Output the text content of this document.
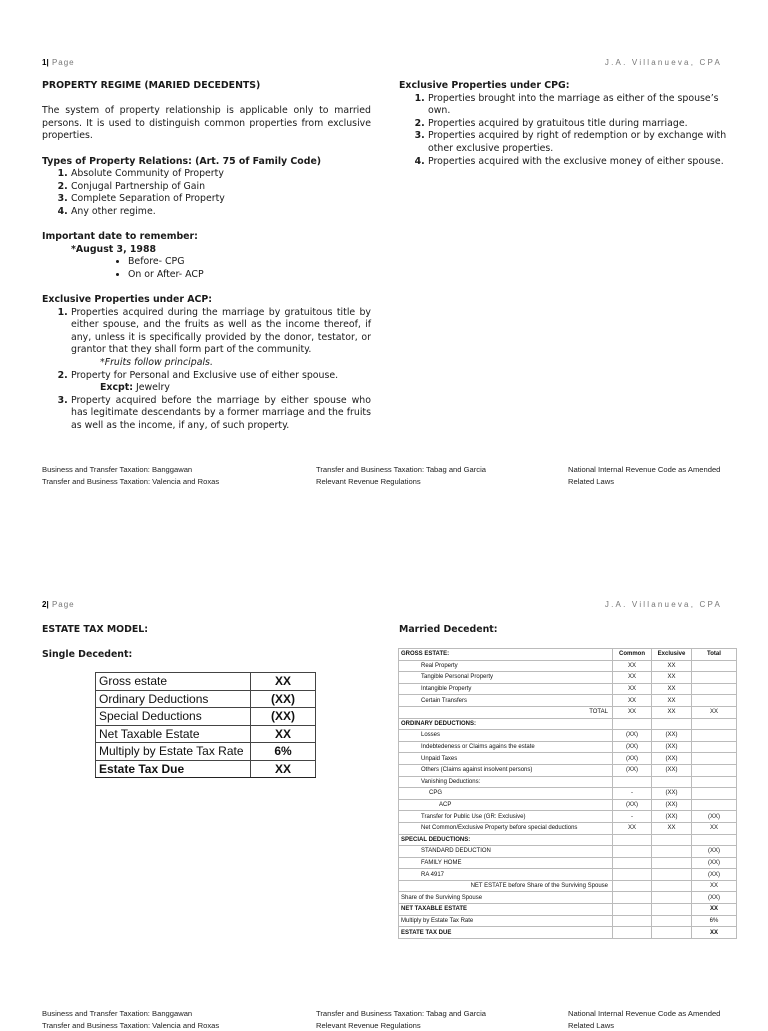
1| Page	J.A. Villanueva, CPA

PROPERTY REGIME (MARIED DECEDENTS)

The system of property relationship is applicable only to married persons. It is used to distinguish common properties from exclusive properties.

Types of Property Relations: (Art. 75 of Family Code)

1. Absolute Community of Property
2. Conjugal Partnership of Gain
3. Complete Separation of Property
4. Any other regime.

Important date to remember:

*August 3, 1988

• Before- CPG
• On or After- ACP

Exclusive Properties under ACP:

1. Properties acquired during the marriage by gratuitous title by either spouse, and the fruits as well as the income thereof, if any, unless it is specifically provided by the donor, testator, or grantor that they shall form part of the community.

*Fruits follow principals.

2. Property for Personal and Exclusive use of either spouse.

Excpt: Jewelry

3. Property acquired before the marriage by either spouse who has legitimate descendants by a former marriage and the fruits as well as the income, if any, of such property.

Exclusive Properties under CPG:

1. Properties brought into the marriage as either of the spouse’s own.
2. Properties acquired by gratuitous title during marriage.
3. Properties acquired by right of redemption or by exchange with other exclusive properties.
4. Properties acquired with the exclusive money of either spouse.
Business and Transfer Taxation: Banggawan
Transfer and Business Taxation: Valencia and Roxas
Transfer and Business Taxation: Tabag and Garcia
Relevant Revenue Regulations
National Internal Revenue Code as Amended
Related Laws
2| Page	J.A. Villanueva, CPA
Business and Transfer Taxation: Banggawan
Transfer and Business Taxation: Valencia and Roxas
Transfer and Business Taxation: Tabag and Garcia
Relevant Revenue Regulations
National Internal Revenue Code as Amended
Related Laws
ESTATE TAX MODEL:
Single Decedent:
Married Decedent:
Gross estate	XX
Ordinary Deductions	(XX)
Special Deductions	(XX)
Net Taxable Estate	XX
Multiply by Estate Tax Rate	6%
Estate Tax Due	XX
GROSS ESTATE:	Common	Exclusive	Total
Real Property	XX	XX	
Tangible Personal Property	XX	XX	
Intangible Property	XX	XX	
Certain Transfers	XX	XX	
TOTAL	XX	XX	XX
ORDINARY DEDUCTIONS:			
Losses	(XX)	(XX)	
Indebtedeness or Claims agains the estate	(XX)	(XX)	
Unpaid Taxes	(XX)	(XX)	
Others (Claims against insolvent persons)	(XX)	(XX)	
Vanishing Deductions:			
CPG	-	(XX)	
ACP	(XX)	(XX)	
Transfer for Public Use (GR: Exclusive)	-	(XX)	(XX)
Net Common/Exclusive Property before special deductions	XX	XX	XX
SPECIAL DEDUCTIONS:			
STANDARD DEDUCTION			(XX)
FAMILY HOME			(XX)
RA 4917			(XX)
NET ESTATE before Share of the Surviving Spouse			XX
Share of the Surviving Spouse			(XX)
NET TAXABLE ESTATE			XX
Multiply by Estate Tax Rate			6%
ESTATE TAX DUE			XX
